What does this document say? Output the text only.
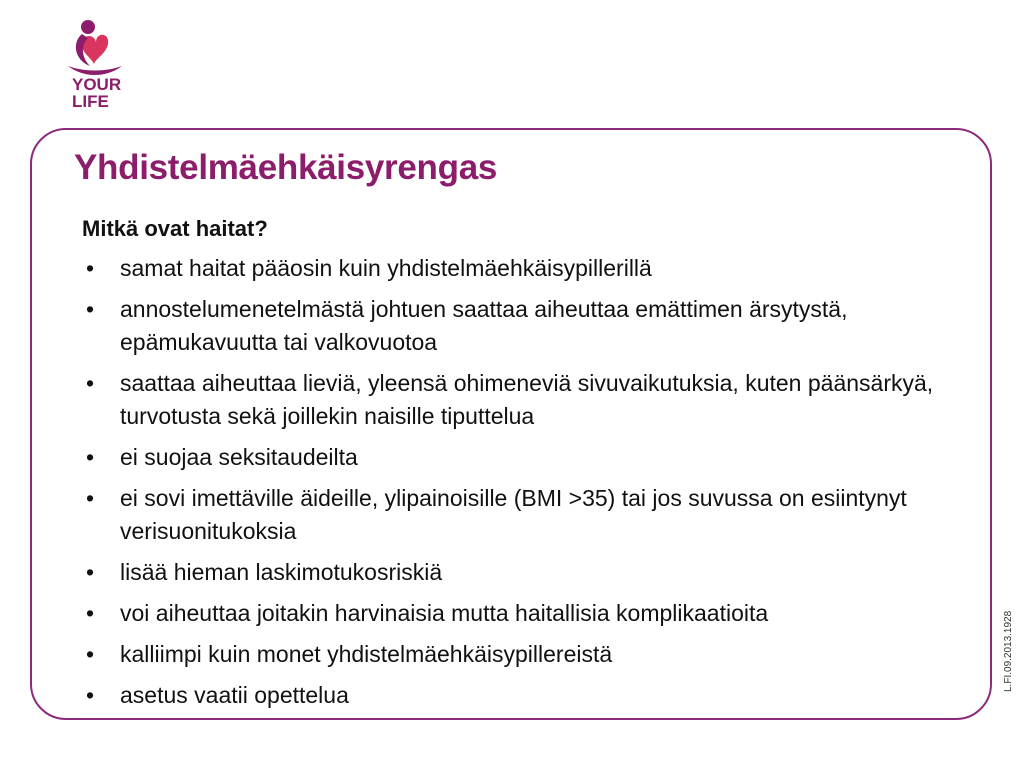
YOUR
LIFE
Yhdistelmäehkäisyrengas
Mitkä ovat haitat?
• samat haitat pääosin kuin yhdistelmäehkäisypillerillä
• annostelumenetelmästä johtuen saattaa aiheuttaa emättimen ärsytystä, epämukavuutta tai valkovuotoa
• saattaa aiheuttaa lieviä, yleensä ohimeneviä sivuvaikutuksia, kuten päänsärkyä, turvotusta sekä joillekin naisille tiputtelua
• ei suojaa seksitaudeilta
• ei sovi imettäville äideille, ylipainoisille (BMI >35) tai jos suvussa on esiintynyt verisuonitukoksia
• lisää hieman laskimotukosriskiä
• voi aiheuttaa joitakin harvinaisia mutta haitallisia komplikaatioita
• kalliimpi kuin monet yhdistelmäehkäisypillereistä
• asetus vaatii opettelua
L.FI.09.2013.1928
